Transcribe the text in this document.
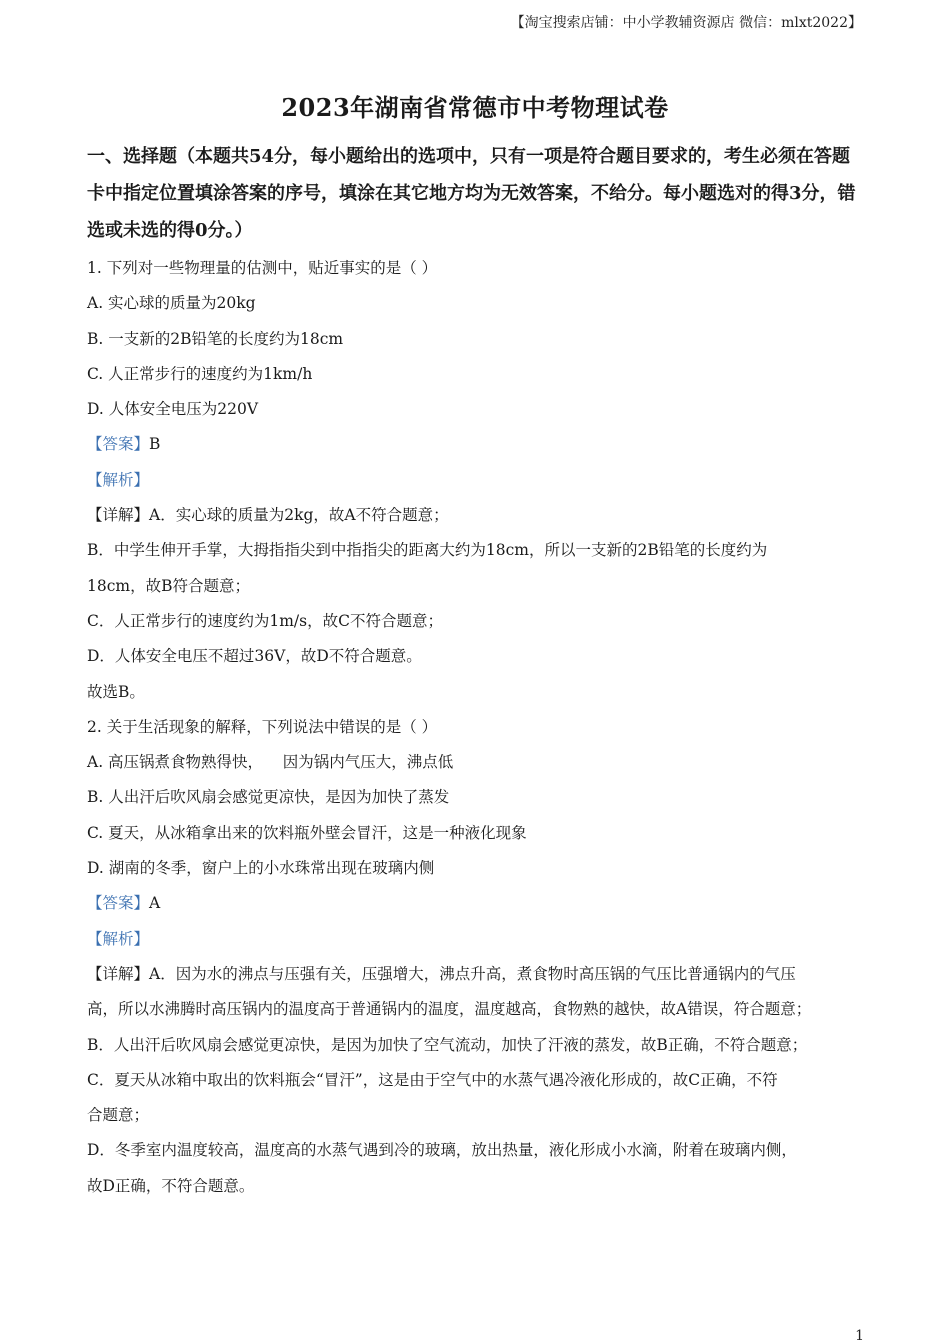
【淘宝搜索店铺：中小学教辅资源店 微信：mlxt2022】
2023年湖南省常德市中考物理试卷
一、选择题（本题共54分，每小题给出的选项中，只有一项是符合题目要求的，考生必须在答题卡中指定位置填涂答案的序号，填涂在其它地方均为无效答案，不给分。每小题选对的得3分，错选或未选的得0分。）
1. 下列对一些物理量的估测中，贴近事实的是（ ）
A. 实心球的质量为20kg
B. 一支新的2B铅笔的长度约为18cm
C. 人正常步行的速度约为1km/h
D. 人体安全电压为220V
【答案】B
【解析】
【详解】A．实心球的质量为2kg，故A不符合题意；
B．中学生伸开手掌，大拇指指尖到中指指尖的距离大约为18cm，所以一支新的2B铅笔的长度约为
18cm，故B符合题意；
C．人正常步行的速度约为1m/s，故C不符合题意；
D．人体安全电压不超过36V，故D不符合题意。
故选B。
2. 关于生活现象的解释，下列说法中错误的是（ ）
A. 高压锅煮食物熟得快，    因为锅内气压大，沸点低
B. 人出汗后吹风扇会感觉更凉快，是因为加快了蒸发
C. 夏天，从冰箱拿出来的饮料瓶外壁会冒汗，这是一种液化现象
D. 湖南的冬季，窗户上的小水珠常出现在玻璃内侧
【答案】A
【解析】
【详解】A．因为水的沸点与压强有关，压强增大，沸点升高，煮食物时高压锅的气压比普通锅内的气压
高，所以水沸腾时高压锅内的温度高于普通锅内的温度，温度越高，食物熟的越快，故A错误，符合题意；
B．人出汗后吹风扇会感觉更凉快，是因为加快了空气流动，加快了汗液的蒸发，故B正确，不符合题意；
C．夏天从冰箱中取出的饮料瓶会“冒汗”，这是由于空气中的水蒸气遇冷液化形成的，故C正确，不符
合题意；
D．冬季室内温度较高，温度高的水蒸气遇到冷的玻璃，放出热量，液化形成小水滴，附着在玻璃内侧，
故D正确，不符合题意。
1
